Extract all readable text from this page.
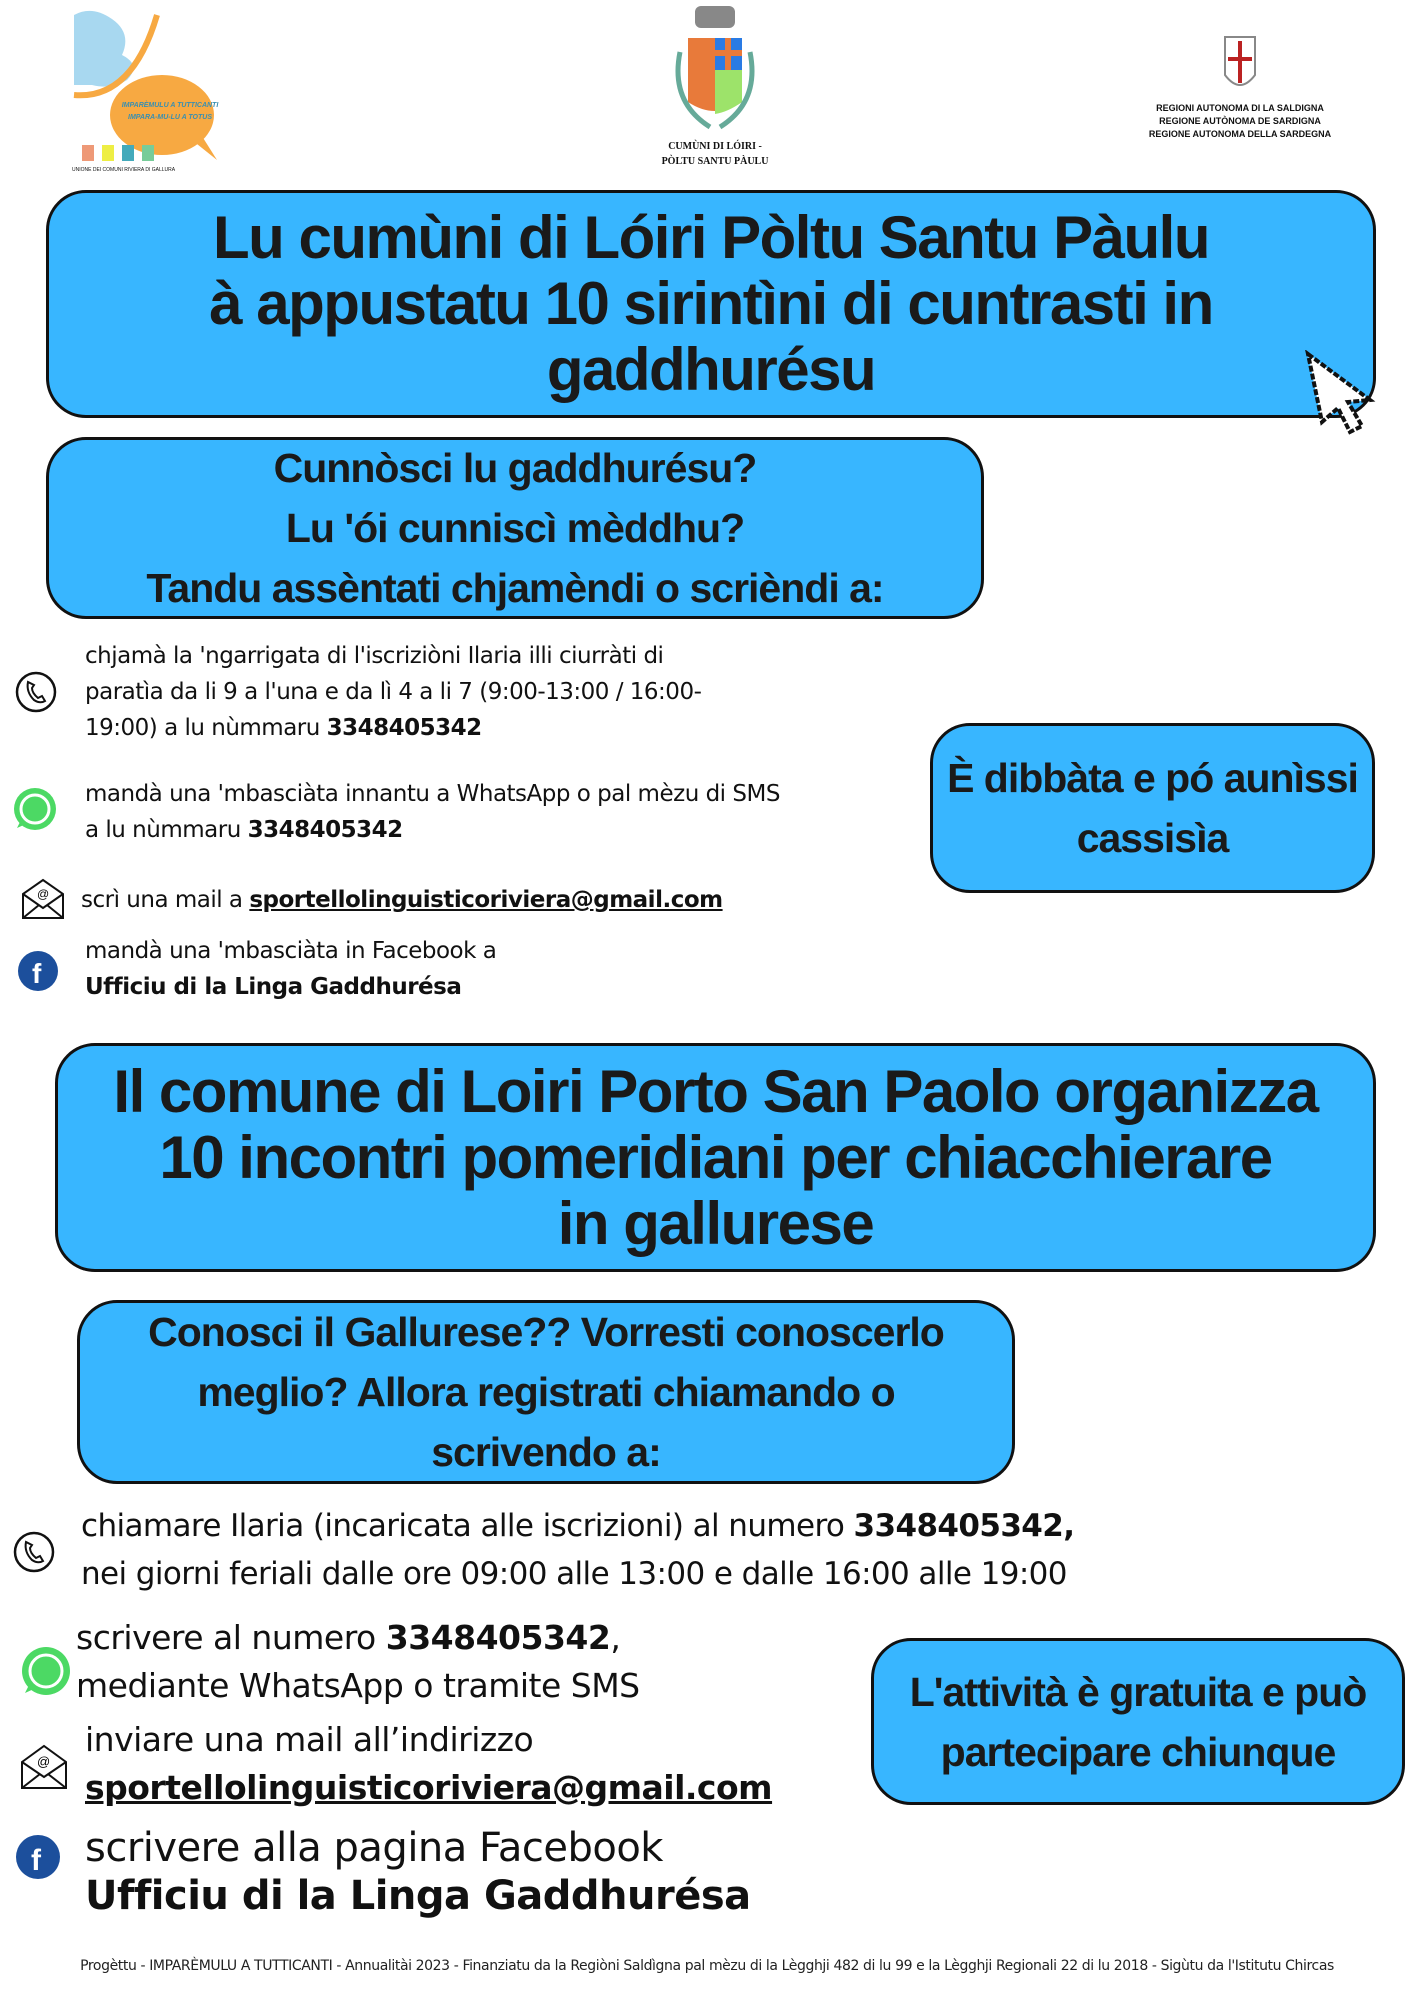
IMPARÈMULU A TUTTICANTI
IMPARA-MU-LU A TOTUS
UNIONE DEI COMUNI RIVIERA DI GALLURA
CUMÙNI DI LÓIRI -
PÒLTU SANTU PÀULU
REGIONI AUTONOMA DI LA SALDIGNA
REGIONE AUTÒNOMA DE SARDIGNA
REGIONE AUTONOMA DELLA SARDEGNA
Lu cumùni di Lóiri Pòltu Santu Pàulu
à appustatu 10 sirintìni di cuntrasti in
gaddhurésu
Cunnòsci lu gaddhurésu?
Lu 'ói cunniscì mèddhu?
Tandu assèntati chjamèndi o scrièndi a:
chjamà la 'ngarrigata di l'iscriziòni Ilaria illi ciurràti di
paratìa da li 9 a l'una e da lì 4 a li 7 (9:00-13:00 / 16:00-
19:00) a lu nùmmaru 3348405342
mandà una 'mbasciàta innantu a WhatsApp o pal mèzu di SMS
a lu nùmmaru 3348405342
@ scrì una mail a sportellolinguisticoriviera@gmail.com
f
mandà una 'mbasciàta in Facebook a
Ufficiu di la Linga Gaddhurésa
È dibbàta e pó aunìssi
cassisìa
Il comune di Loiri Porto San Paolo organizza
10 incontri pomeridiani per chiacchierare
in gallurese
Conosci il Gallurese?? Vorresti conoscerlo
meglio? Allora registrati chiamando o
scrivendo a:
chiamare Ilaria (incaricata alle iscrizioni) al numero 3348405342,
nei giorni feriali dalle ore 09:00 alle 13:00 e dalle 16:00 alle 19:00
scrivere al numero 3348405342,
mediante WhatsApp o tramite SMS
@
inviare una mail all’indirizzo
sportellolinguisticoriviera@gmail.com
f scrivere alla pagina Facebook
Ufficiu di la Linga Gaddhurésa
L'attività è gratuita e può
partecipare chiunque
Progèttu - IMPARÈMULU A TUTTICANTI - Annualitài 2023 - Finanziatu da la Regiòni Saldìgna pal mèzu di la Lègghji 482 di lu 99 e la Lègghji Regionali 22 di lu 2018 - Sigùtu da l'Istitutu Chircas
